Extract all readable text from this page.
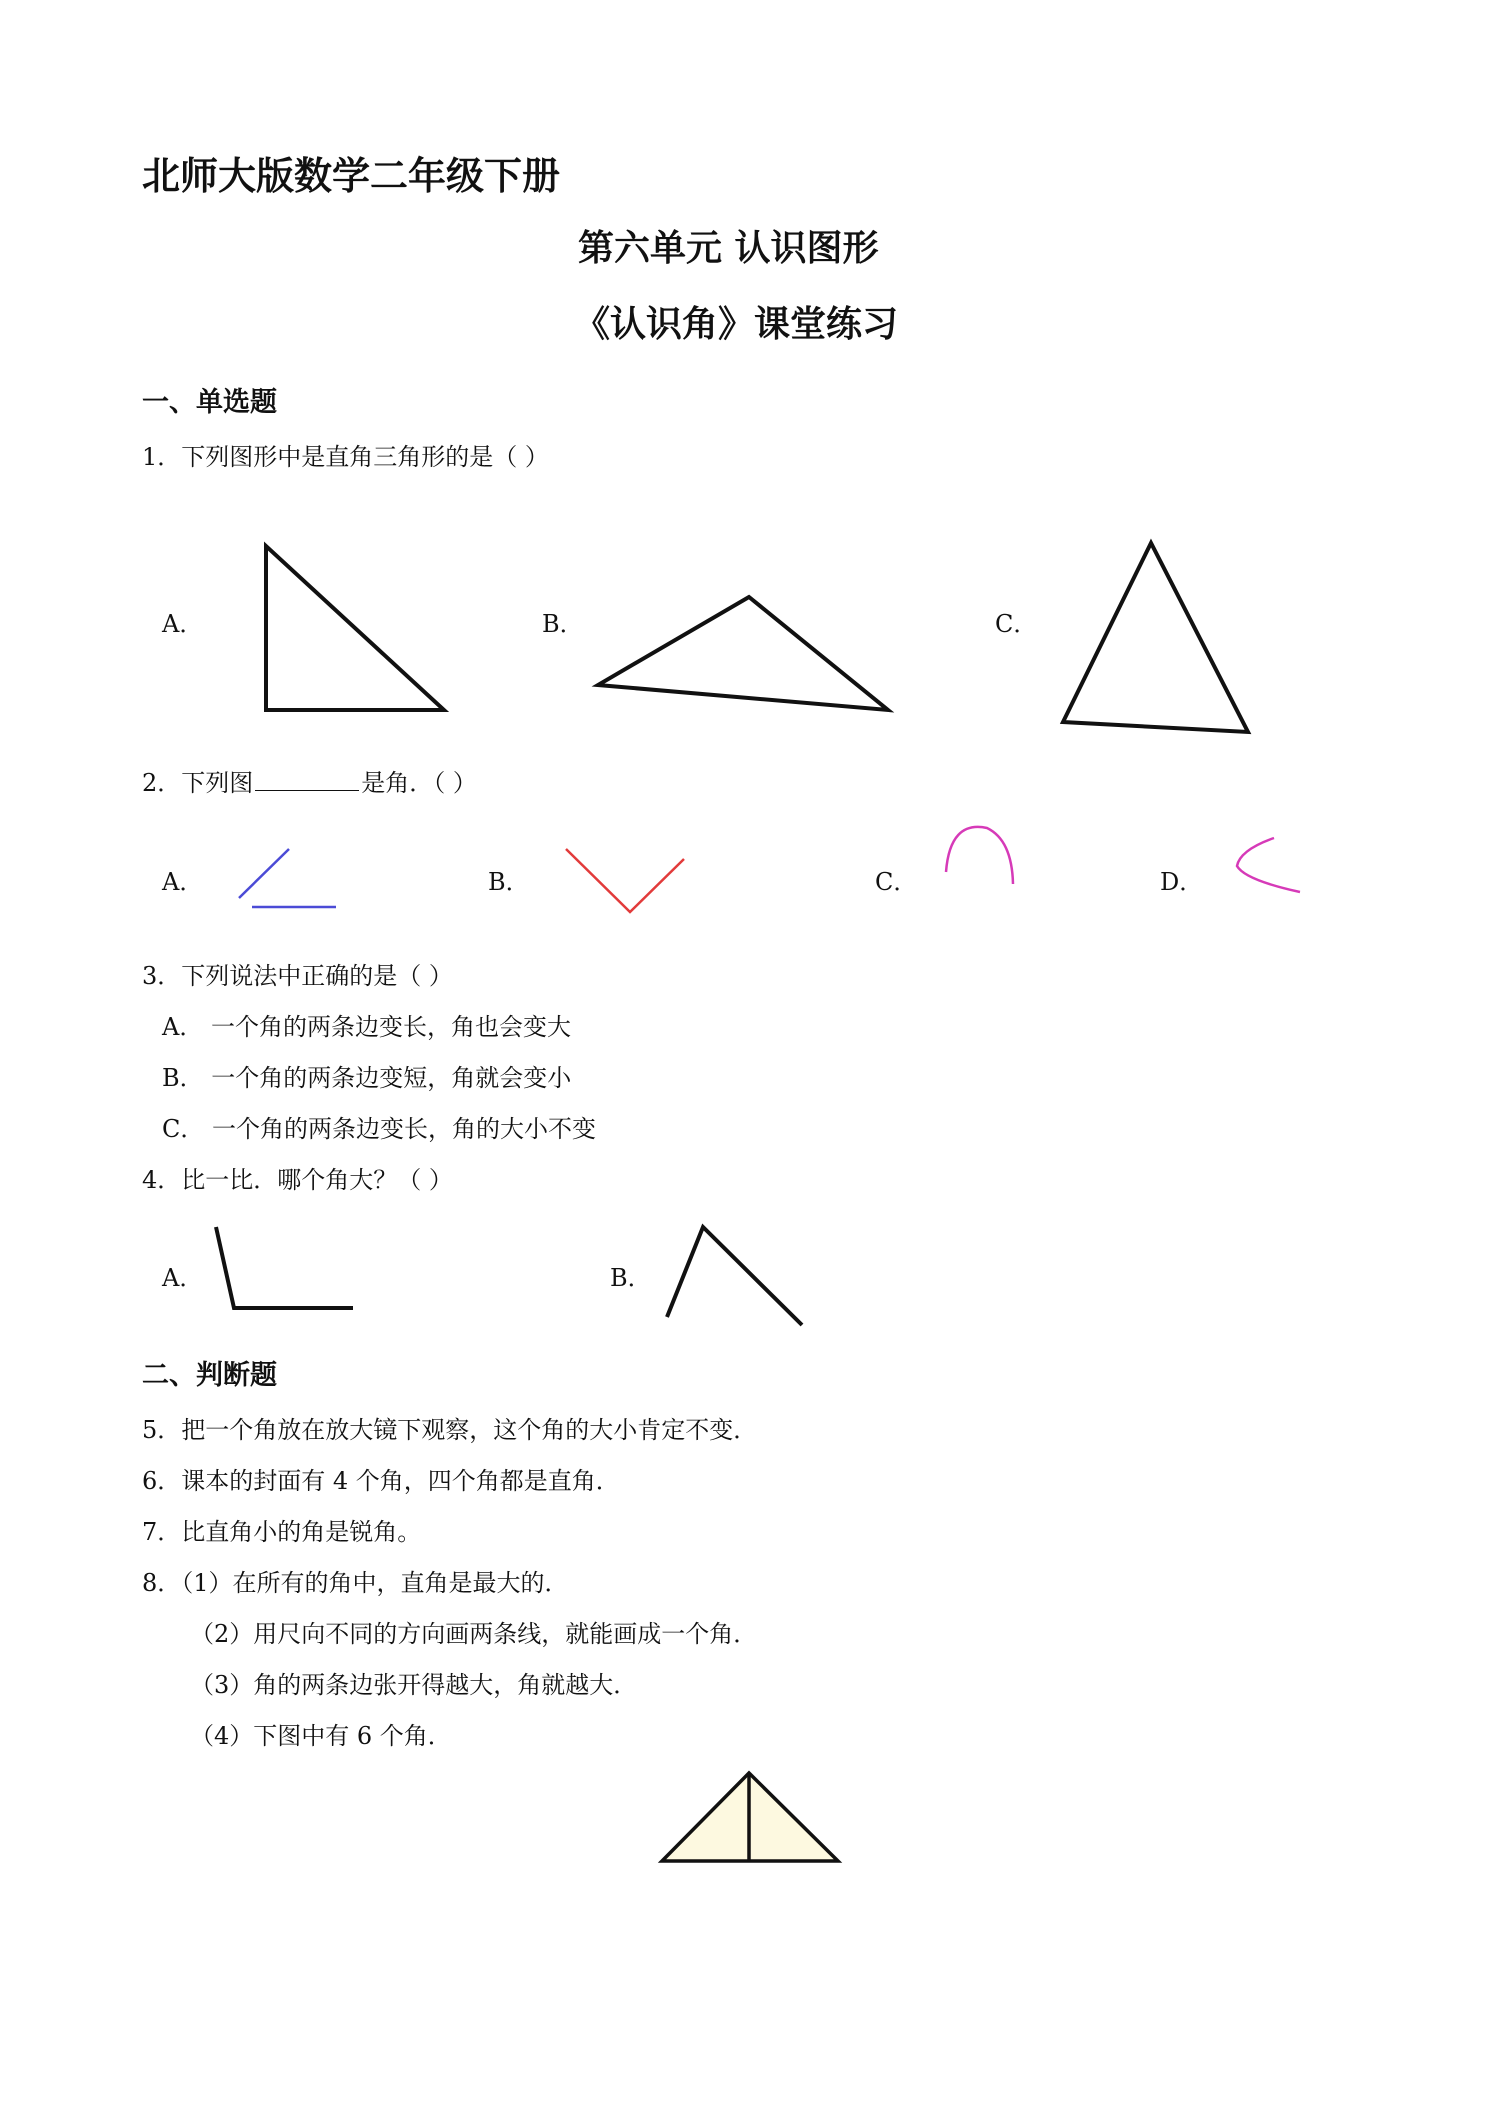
北师大版数学二年级下册
第六单元 认识图形
《认识角》课堂练习
一、单选题
1．下列图形中是直角三角形的是（ ）
A．	B．	C．
2．下列图	是角．（ ）
A．	B．	C．	D．
3．下列说法中正确的是（ ）
A． 一个角的两条边变长，角也会变大
B． 一个角的两条边变短，角就会变小
C． 一个角的两条边变长，角的大小不变
4．比一比．哪个角大？（ ）
A．	B．
二、判断题
5．把一个角放在放大镜下观察，这个角的大小肯定不变．
6．课本的封面有 4 个角，四个角都是直角．
7．比直角小的角是锐角。
8．（1）在所有的角中，直角是最大的．
（2）用尺向不同的方向画两条线，就能画成一个角．
（3）角的两条边张开得越大，角就越大．
（4）下图中有 6 个角．
